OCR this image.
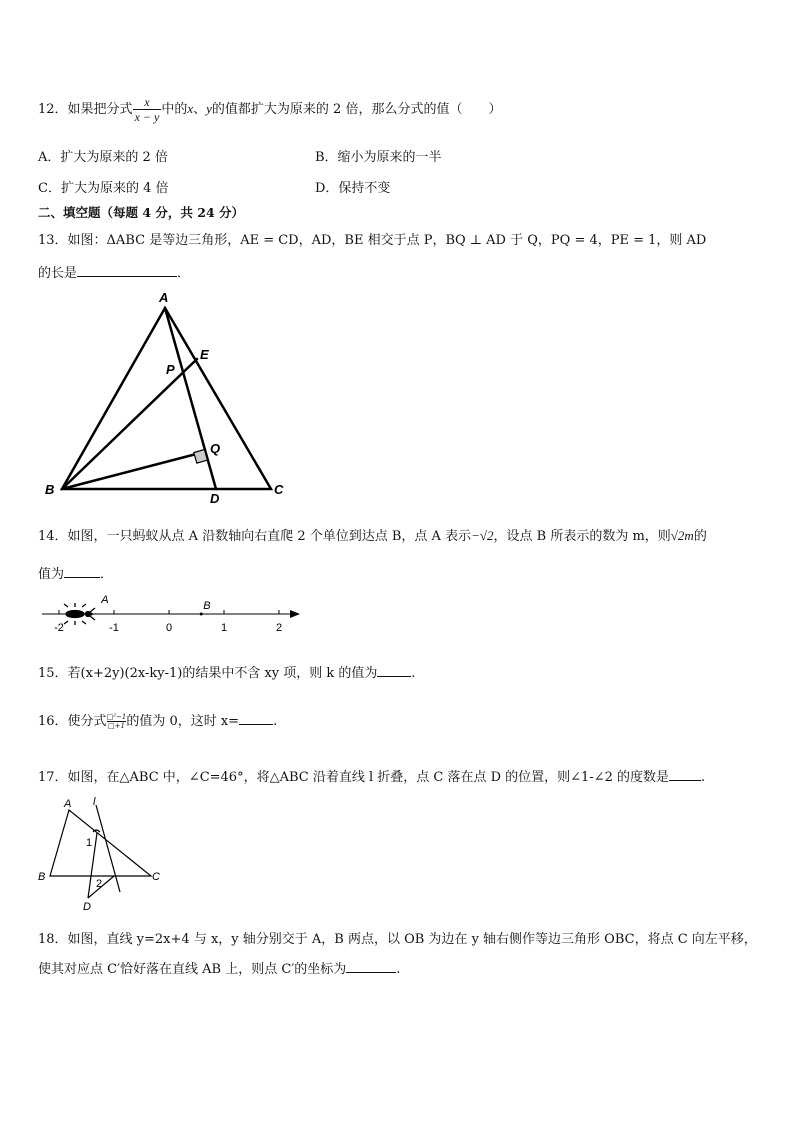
12．如果把分式 $\frac{x}{x - y}$ 中的x、y的值都扩大为原来的 2 倍，那么分式的值（　　）
A．扩大为原来的 2 倍	B．缩小为原来的一半
C．扩大为原来的 4 倍	D．保持不变
二、填空题（每题 4 分，共 24 分）
13．如图：ΔABC 是等边三角形，AE = CD，AD，BE 相交于点 P，BQ ⊥ AD 于 Q，PQ = 4，PE = 1，则 AD
的长是	．
A
B	C
D
E
P
Q
14．如图，一只蚂蚁从点 A 沿数轴向右直爬 2 个单位到达点 B，点 A 表示−√2，设点 B 所表示的数为 m，则√2m的
值为	．
-2	-1	0	1	2
A	B
15．若(x+2y)(2x-ky-1)的结果中不含 xy 项，则 k 的值为	.
16．使分式 $\frac{\text{□²−1}}{□+1}$ 的值为 0，这时 x=	.
17．如图，在△ABC 中，∠C=46°，将△ABC 沿着直线 l 折叠，点 C 落在点 D 的位置，则∠1-∠2 的度数是 .
A l
1
B	C
2
D
18．如图，直线 y=2x+4 与 x，y 轴分别交于 A，B 两点，以 OB 为边在 y 轴右侧作等边三角形 OBC，将点 C 向左平移，
使其对应点 C′恰好落在直线 AB 上，则点 C′的坐标为	.
